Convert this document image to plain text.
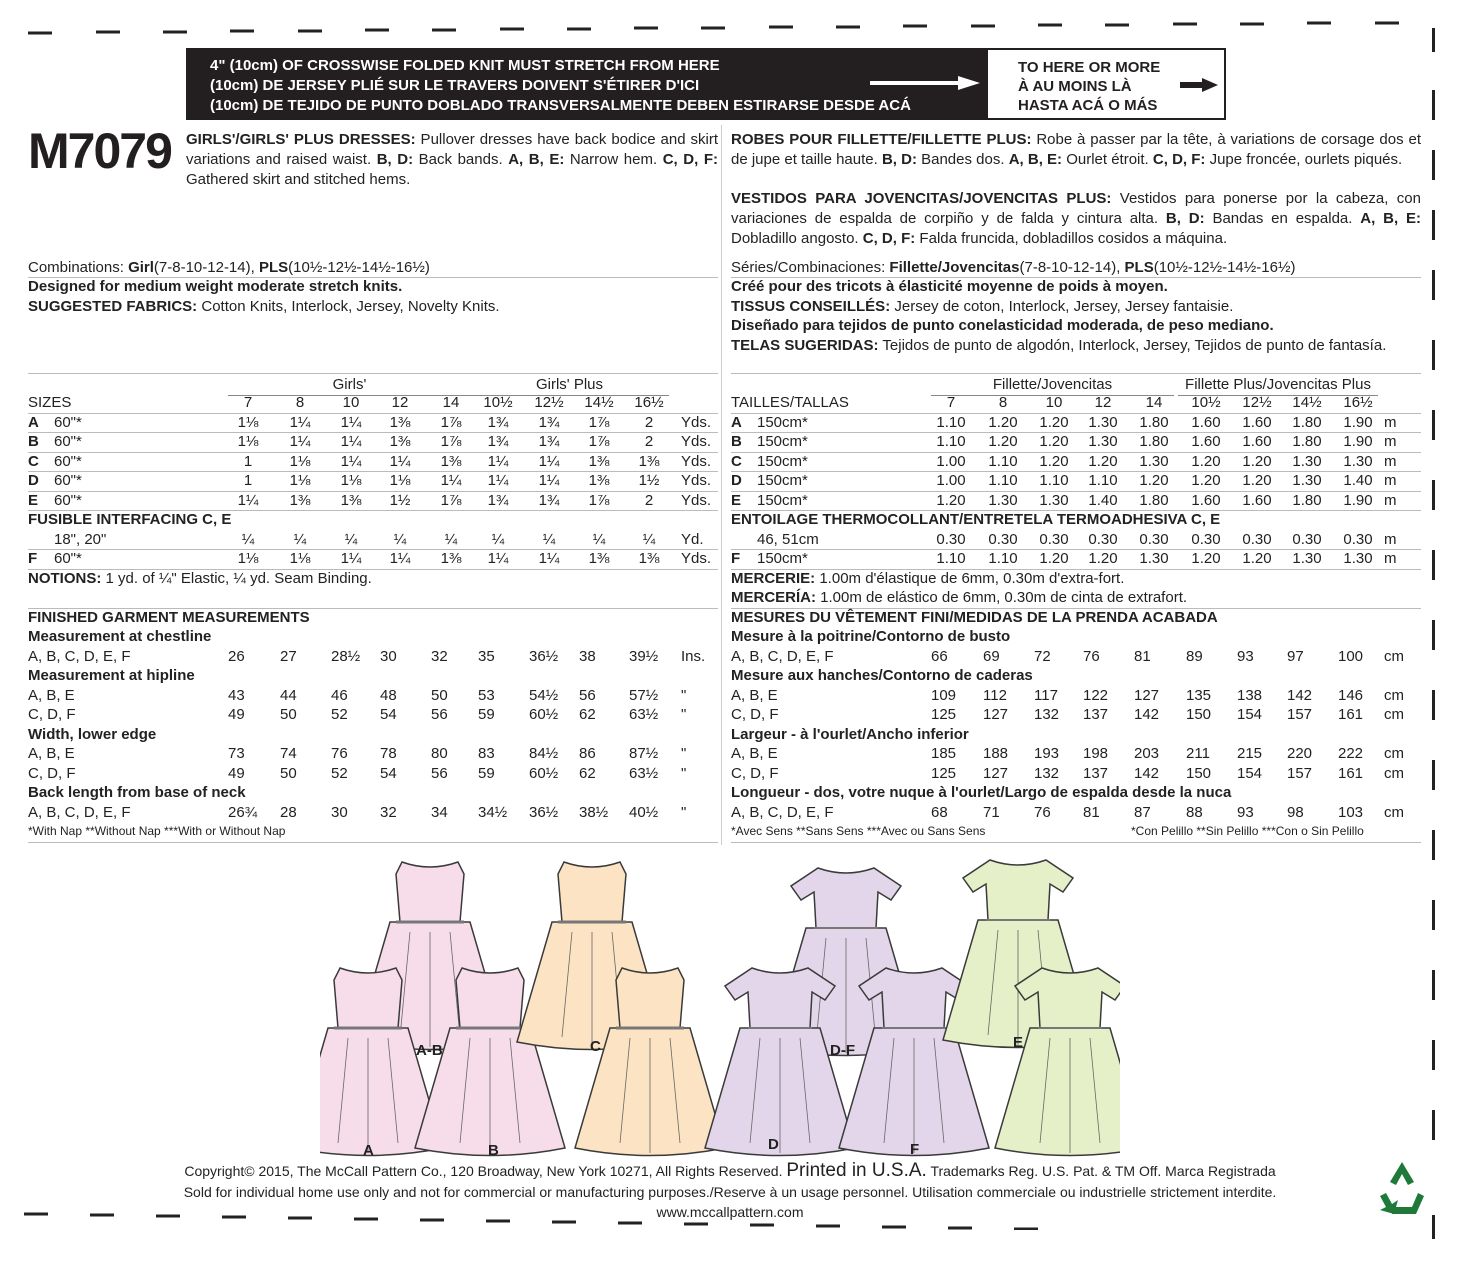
4" (10cm) OF CROSSWISE FOLDED KNIT MUST STRETCH FROM HERE
(10cm) DE JERSEY PLIÉ SUR LE TRAVERS DOIVENT S'ÉTIRER D'ICI
(10cm) DE TEJIDO DE PUNTO DOBLADO TRANSVERSALMENTE DEBEN ESTIRARSE DESDE ACÁ
TO HERE OR MORE
À AU MOINS LÀ
HASTA ACÁ O MÁS
M7079 GIRLS'/GIRLS' PLUS DRESSES: Pullover dresses have back bodice and skirt variations and raised waist. B, D: Back bands. A, B, E: Narrow hem. C, D, F: Gathered skirt and stitched hems.
ROBES POUR FILLETTE/FILLETTE PLUS: Robe à passer par la tête, à variations de corsage dos et de jupe et taille haute. B, D: Bandes dos. A, B, E: Ourlet étroit. C, D, F: Jupe froncée, ourlets piqués.
VESTIDOS PARA JOVENCITAS/JOVENCITAS PLUS: Vestidos para ponerse por la cabeza, con variaciones de espalda de corpiño y de falda y cintura alta. B, D: Bandas en espalda. A, B, E: Dobladillo angosto. C, D, F: Falda fruncida, dobladillos cosidos a máquina.
Combinations: Girl(7-8-10-12-14), PLS(10½-12½-14½-16½)
Designed for medium weight moderate stretch knits.
SUGGESTED FABRICS: Cotton Knits, Interlock, Jersey, Novelty Knits.
Séries/Combinaciones: Fillette/Jovencitas(7-8-10-12-14), PLS(10½-12½-14½-16½)
Créé pour des tricots à élasticité moyenne de poids à moyen.
TISSUS CONSEILLÉS: Jersey de coton, Interlock, Jersey, Jersey fantaisie.
Diseñado para tejidos de punto conelasticidad moderada, de peso mediano.
TELAS SUGERIDAS: Tejidos de punto de algodón, Interlock, Jersey, Tejidos de punto de fantasía.
Girls'	Girls' Plus
SIZES	7	8	10	12	14	10½	12½	14½	16½
A 60"*	1⅛	1¼	1¼	1⅜	1⅞	1¾	1¾	1⅞	2	Yds.
B 60"*	1⅛	1¼	1¼	1⅜	1⅞	1¾	1¾	1⅞	2	Yds.
C 60"*	1	1⅛	1¼	1¼	1⅜	1¼	1¼	1⅜	1⅜	Yds.
D 60"*	1	1⅛	1⅛	1⅛	1¼	1¼	1¼	1⅜	1½	Yds.
E 60"*	1¼	1⅜	1⅜	1½	1⅞	1¾	1¾	1⅞	2	Yds.
FUSIBLE INTERFACING C, E
18", 20"	¼	¼	¼	¼	¼	¼	¼	¼	¼	Yd.
F 60"*	1⅛	1⅛	1¼	1¼	1⅜	1¼	1¼	1⅜	1⅜	Yds.
NOTIONS: 1 yd. of ¼" Elastic, ¼ yd. Seam Binding.
FINISHED GARMENT MEASUREMENTS
Measurement at chestline
A, B, C, D, E, F	26 27 28½ 30 32 35 36½ 38 39½ Ins.
Measurement at hipline
A, B, E	43 44 46 48 50 53 54½ 56 57½ "
C, D, F	49 50 52 54 56 59 60½ 62 63½ "
Width, lower edge
A, B, E	73 74 76 78 80 83 84½ 86 87½ "
C, D, F	49 50 52 54 56 59 60½ 62 63½ "
Back length from base of neck
A, B, C, D, E, F	26¾ 28 30 32 34 34½ 36½ 38½ 40½ "
*With Nap **Without Nap ***With or Without Nap
Fillette/Jovencitas	Fillette Plus/Jovencitas Plus
TAILLES/TALLAS	7	8	10	12	14	10½	12½	14½	16½
A 150cm*	1.10	1.20	1.20	1.30	1.80	1.60	1.60	1.80	1.90 m
B 150cm*	1.10	1.20	1.20	1.30	1.80	1.60	1.60	1.80	1.90 m
C 150cm*	1.00	1.10	1.20	1.20	1.30	1.20	1.20	1.30	1.30 m
D 150cm*	1.00	1.10	1.10	1.10	1.20	1.20	1.20	1.30	1.40 m
E 150cm*	1.20	1.30	1.30	1.40	1.80	1.60	1.60	1.80	1.90 m
ENTOILAGE THERMOCOLLANT/ENTRETELA TERMOADHESIVA C, E
46, 51cm	0.30	0.30	0.30	0.30	0.30	0.30	0.30	0.30	0.30 m
F 150cm*	1.10	1.10	1.20	1.20	1.30	1.20	1.20	1.30	1.30 m
MERCERIE: 1.00m d'élastique de 6mm, 0.30m d'extra-fort.
MERCERÍA: 1.00m de elástico de 6mm, 0.30m de cinta de extrafort.
MESURES DU VÊTEMENT FINI/MEDIDAS DE LA PRENDA ACABADA
Mesure à la poitrine/Contorno de busto
A, B, C, D, E, F	66 69 72 76 81 89 93 97 100 cm
Mesure aux hanches/Contorno de caderas
A, B, E	109 112 117 122 127 135 138 142 146 cm
C, D, F	125 127 132 137 142 150 154 157 161 cm
Largeur - à l'ourlet/Ancho inferior
A, B, E	185 188 193 198 203 211 215 220 222 cm
C, D, F	125 127 132 137 142 150 154 157 161 cm
Longueur - dos, votre nuque à l'ourlet/Largo de espalda desde la nuca
A, B, C, D, E, F	68 71 76 81 87 88 93 98 103 cm
*Avec Sens **Sans Sens ***Avec ou Sans Sens	*Con Pelillo **Sin Pelillo ***Con o Sin Pelillo
A-B
A	B
C	D-F
D	F
E
Copyright© 2015, The McCall Pattern Co., 120 Broadway, New York 10271, All Rights Reserved. Printed in U.S.A. Trademarks Reg. U.S. Pat. & TM Off. Marca Registrada
Sold for individual home use only and not for commercial or manufacturing purposes./Reserve à un usage personnel. Utilisation commerciale ou industrielle strictement interdite.
www.mccallpattern.com
